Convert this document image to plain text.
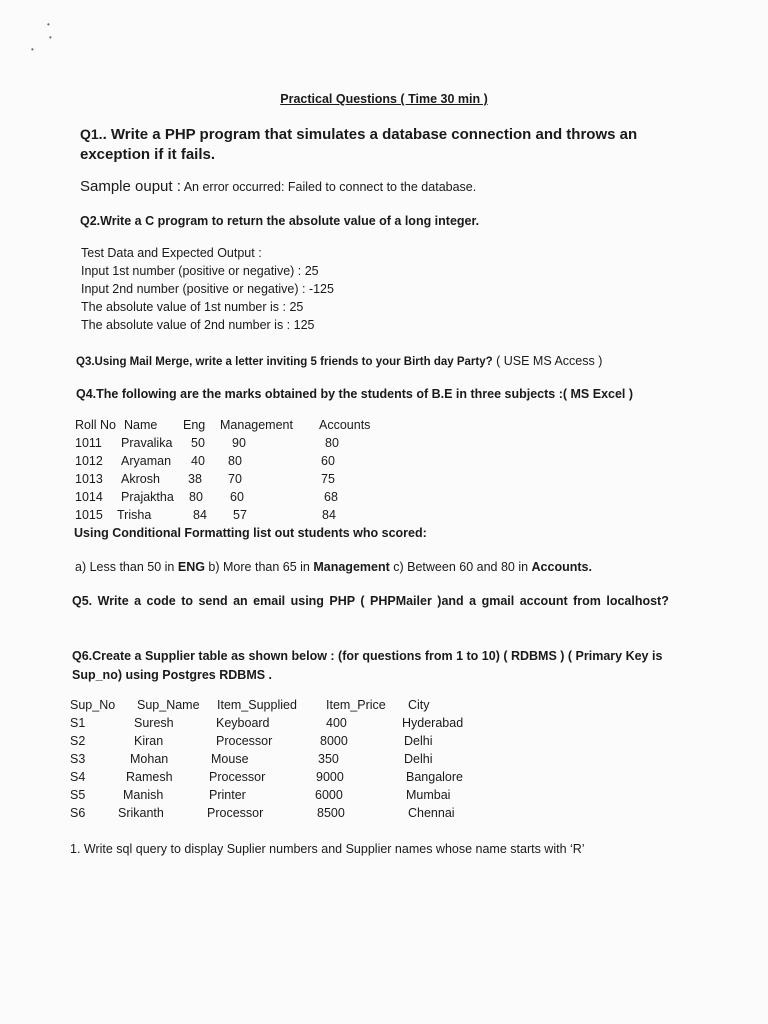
•
•
•
Practical Questions ( Time 30 min )
Q1.. Write a PHP program that simulates a database connection and throws an exception if it fails.
Sample ouput : An error occurred: Failed to connect to the database.
Q2.Write a C program to return the absolute value of a long integer.
Test Data and Expected Output :
Input 1st number (positive or negative) : 25
Input 2nd number (positive or negative) : -125
The absolute value of 1st number is : 25
The absolute value of 2nd number is : 125
Q3.Using Mail Merge, write a letter inviting 5 friends to your Birth day Party? ( USE MS Access )
Q4.The following are the marks obtained by the students of B.E in three subjects :( MS Excel )
Roll No Name Eng Management Accounts
1011 Pravalika 50 90	80
1012 Aryaman 40 80	60
1013 Akrosh 38 70	75
1014 Prajaktha 80 60	68
1015 Trisha	84 57	84
Using Conditional Formatting list out students who scored:
a) Less than 50 in ENG b) More than 65 in Management c) Between 60 and 80 in Accounts.
Q5. Write a code to send an email using PHP ( PHPMailer )and a gmail account from localhost?
Q6.Create a Supplier table as shown below : (for questions from 1 to 10) ( RDBMS ) ( Primary Key is Sup_no) using Postgres RDBMS .
Sup_No Sup_Name Item_Supplied Item_Price City
S1	Suresh	Keyboard	400	Hyderabad
S2	Kiran	Processor	8000	Delhi
S3	Mohan	Mouse	350	Delhi
S4	Ramesh	Processor	9000	Bangalore
S5	Manish	Printer	6000	Mumbai
S6	Srikanth	Processor	8500	Chennai
1. Write sql query to display Suplier numbers and Supplier names whose name starts with ‘R’
